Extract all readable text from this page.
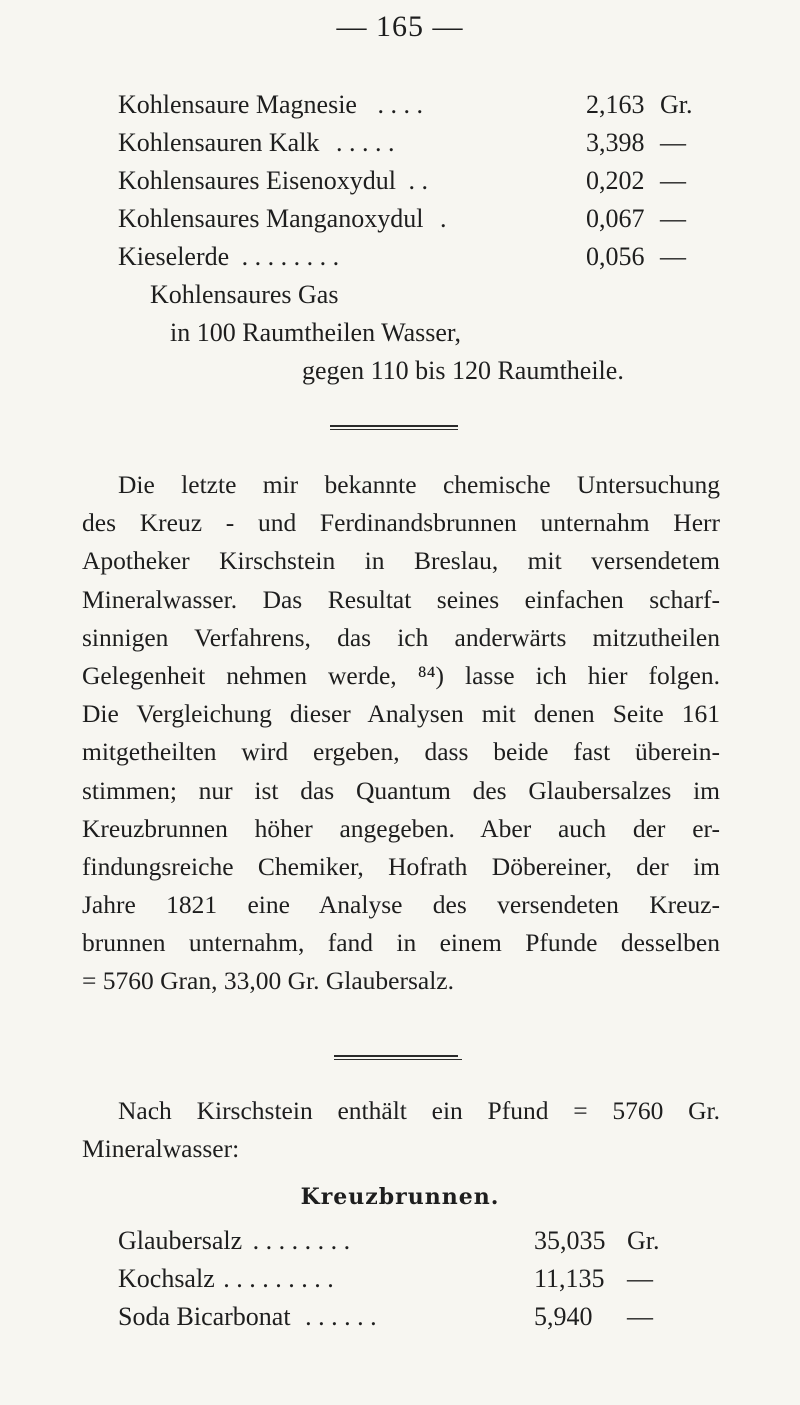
— 165 —
Kohlensaure Magnesie . . . .	2,163 Gr.
Kohlensauren Kalk . . . . .	3,398 —
Kohlensaures Eisenoxydul . .	0,202 —
Kohlensaures Manganoxydul .	0,067 —
Kieselerde . . . . . . . .	0,056 —
Kohlensaures Gas
in 100 Raumtheilen Wasser,
gegen 110 bis 120 Raumtheile.
Die letzte mir bekannte chemische Untersuchung
des Kreuz - und Ferdinandsbrunnen unternahm Herr
Apotheker Kirschstein in Breslau, mit versendetem
Mineralwasser. Das Resultat seines einfachen scharf-
sinnigen Verfahrens, das ich anderwärts mitzutheilen
Gelegenheit nehmen werde, ⁸⁴) lasse ich hier folgen.
Die Vergleichung dieser Analysen mit denen Seite 161
mitgetheilten wird ergeben, dass beide fast überein-
stimmen; nur ist das Quantum des Glaubersalzes im
Kreuzbrunnen höher angegeben. Aber auch der er-
findungsreiche Chemiker, Hofrath Döbereiner, der im
Jahre 1821 eine Analyse des versendeten Kreuz-
brunnen unternahm, fand in einem Pfunde desselben
= 5760 Gran, 33,00 Gr. Glaubersalz.
Nach Kirschstein enthält ein Pfund = 5760 Gr.
Mineralwasser:
Kreuzbrunnen.
Glaubersalz . . . . . . . .	35,035 Gr.
Kochsalz . . . . . . . . .	11,135 —
Soda Bicarbonat . . . . . .	5,940 —
